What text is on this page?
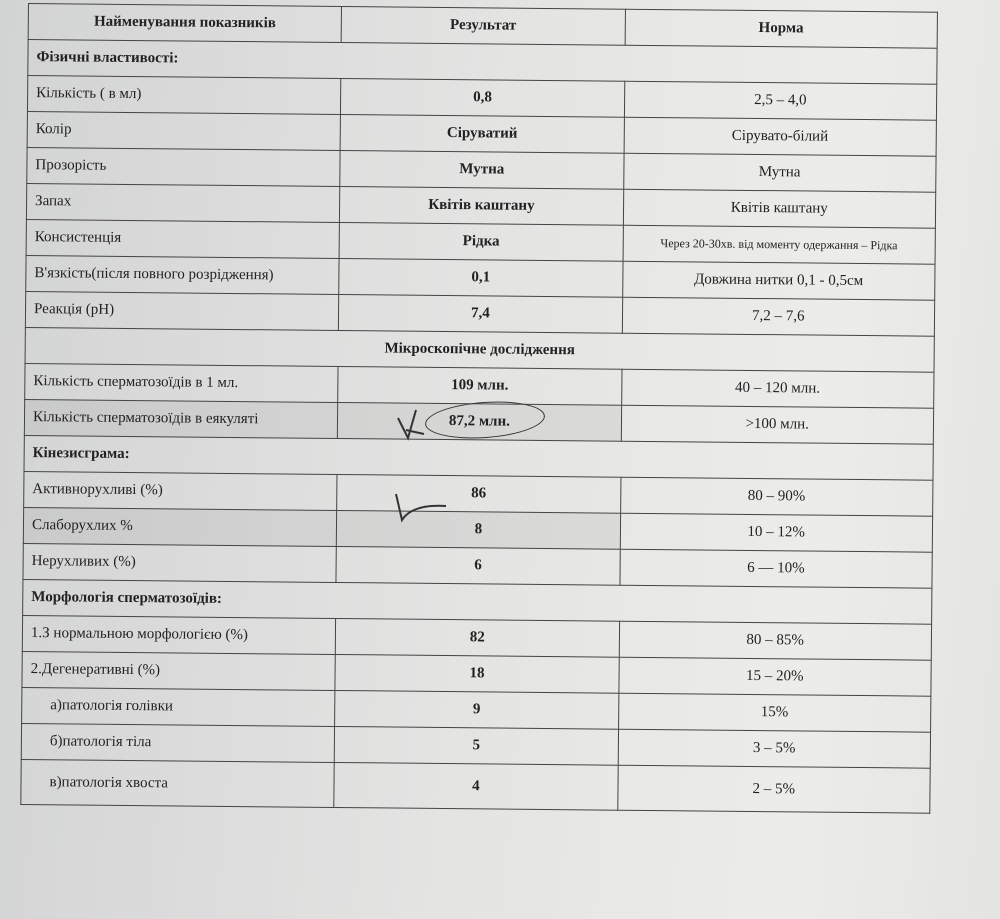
Найменування показників	Результат	Норма
Фізичні властивості:		
Кількість ( в мл)	0,8	2,5 – 4,0
Колір	Сіруватий	Сірувато-білий
Прозорість	Мутна	Мутна
Запах	Квітів каштану	Квітів каштану
Консистенція	Рідка	Через 20-30хв. від моменту одержання – Рідка
В'язкість(після повного розрідження)	0,1	Довжина нитки 0,1 - 0,5см
Реакція (рН)	7,4	7,2 – 7,6
Мікроскопічне дослідження		
Кількість сперматозоїдів в 1 мл.	109 млн.	40 – 120 млн.
Кількість сперматозоїдів в еякуляті	87,2 млн.	>100 млн.
Кінезисграма:		
Активнорухливі (%)	86	80 – 90%
Слаборухлих %	8	10 – 12%
Нерухливих (%)	6	6 — 10%
Морфологія сперматозоїдів:		
1.З нормальною морфологією (%)	82	80 – 85%
2.Дегенеративні (%)	18	15 – 20%
а)патологія голівки	9	15%
б)патологія тіла	5	3 – 5%
в)патологія хвоста	4	2 – 5%
